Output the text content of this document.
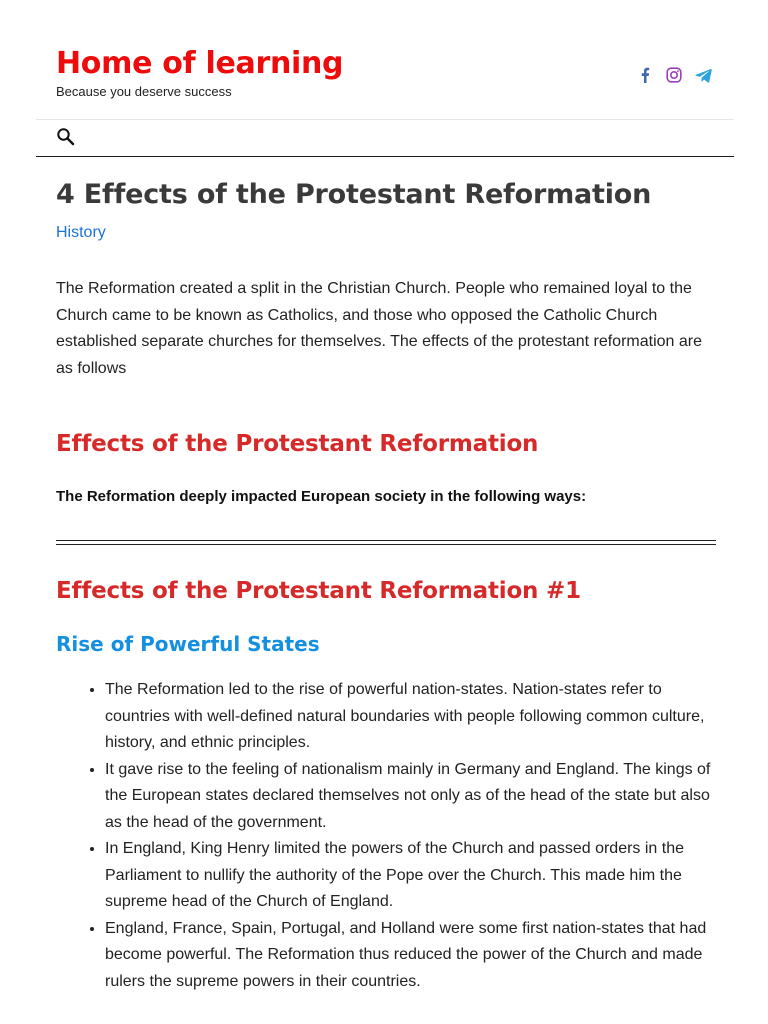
Home of learning
Because you deserve success
4 Effects of the Protestant Reformation
History

The Reformation created a split in the Christian Church. People who remained loyal to the Church came to be known as Catholics, and those who opposed the Catholic Church established separate churches for themselves. The effects of the protestant reformation are as follows

Effects of the Protestant Reformation

The Reformation deeply impacted European society in the following ways:

Effects of the Protestant Reformation #1
Rise of Powerful States
• The Reformation led to the rise of powerful nation-states. Nation-states refer to countries with well-defined natural boundaries with people following common culture, history, and ethnic principles.
• It gave rise to the feeling of nationalism mainly in Germany and England. The kings of the European states declared themselves not only as of the head of the state but also as the head of the government.
• In England, King Henry limited the powers of the Church and passed orders in the Parliament to nullify the authority of the Pope over the Church. This made him the supreme head of the Church of England.
• England, France, Spain, Portugal, and Holland were some first nation-states that had become powerful. The Reformation thus reduced the power of the Church and made rulers the supreme powers in their countries.
